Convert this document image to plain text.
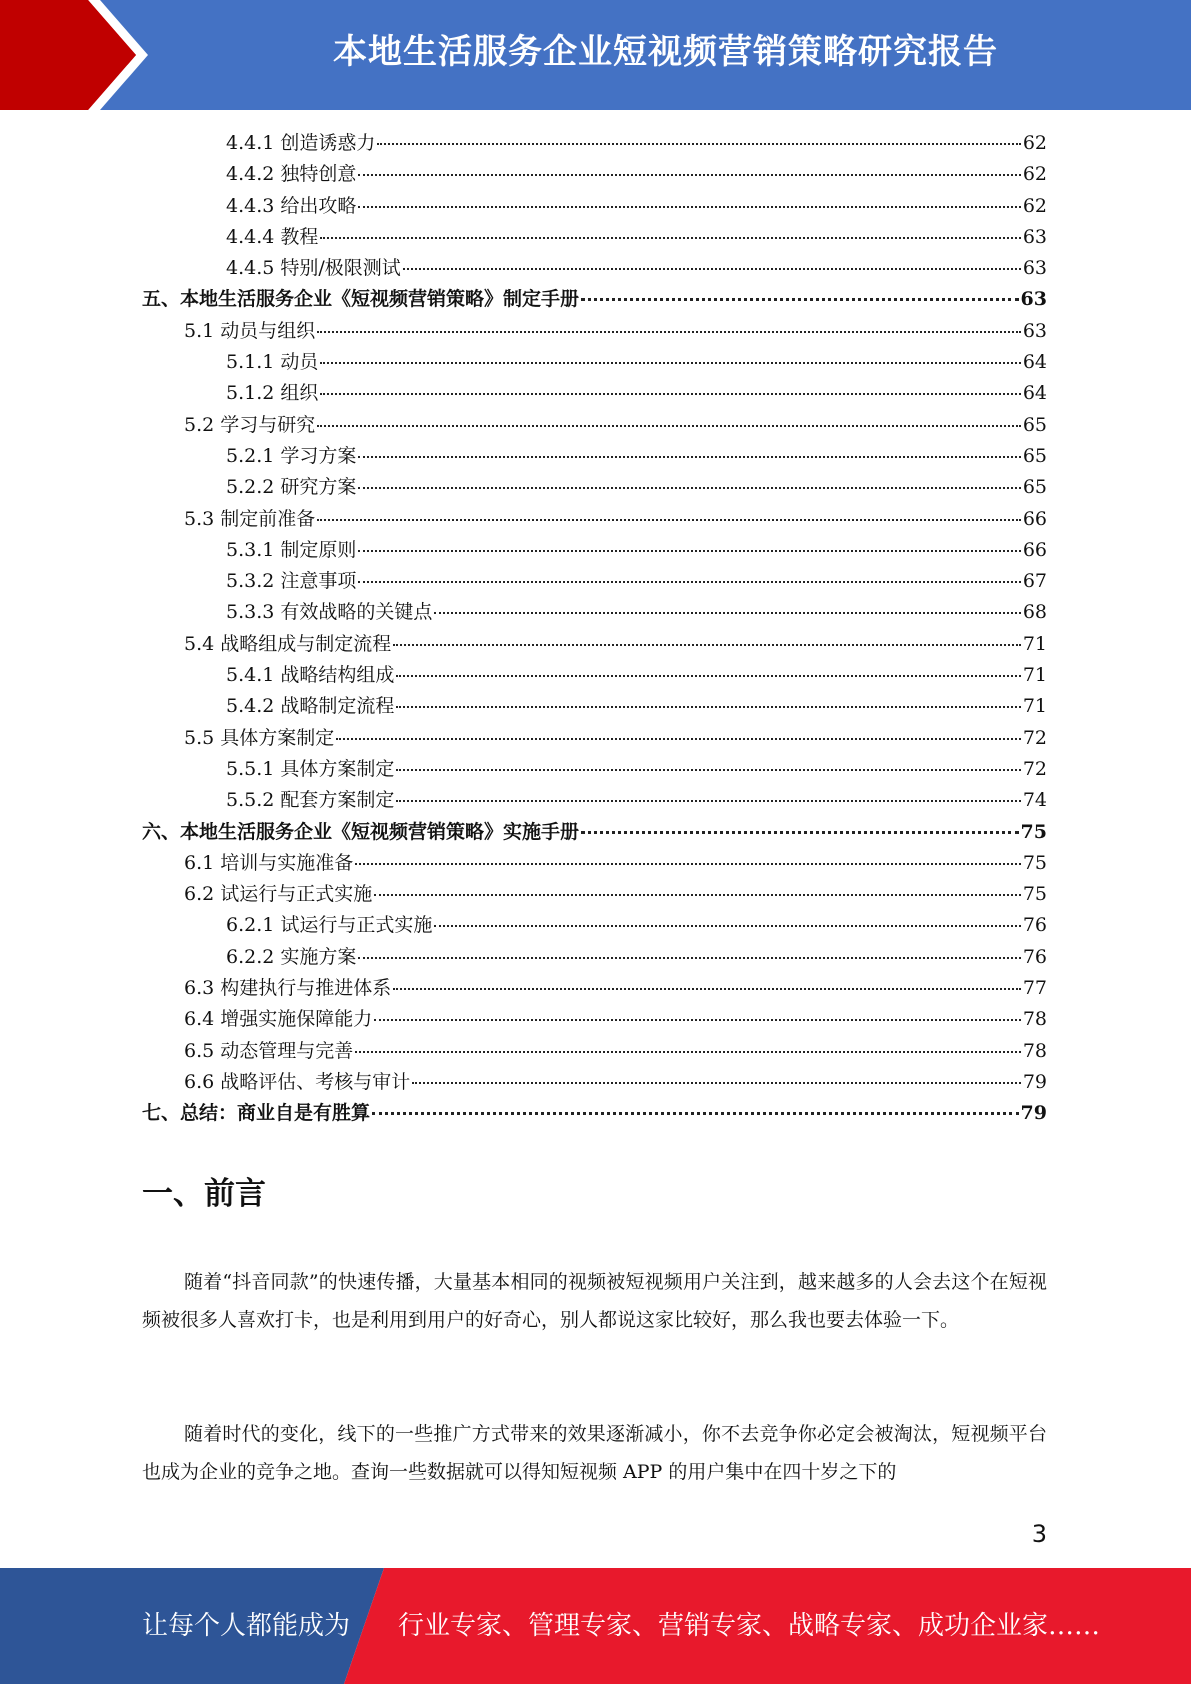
本地生活服务企业短视频营销策略研究报告
4.4.1 创造诱惑力	62
4.4.2 独特创意	62
4.4.3 给出攻略	62
4.4.4 教程	63
4.4.5 特别/极限测试	63
五、本地生活服务企业《短视频营销策略》制定手册	63
5.1 动员与组织	63
5.1.1 动员	64
5.1.2 组织	64
5.2 学习与研究	65
5.2.1 学习方案	65
5.2.2 研究方案	65
5.3 制定前准备	66
5.3.1 制定原则	66
5.3.2 注意事项	67
5.3.3 有效战略的关键点	68
5.4 战略组成与制定流程	71
5.4.1 战略结构组成	71
5.4.2 战略制定流程	71
5.5 具体方案制定	72
5.5.1 具体方案制定	72
5.5.2 配套方案制定	74
六、本地生活服务企业《短视频营销策略》实施手册	75
6.1 培训与实施准备	75
6.2 试运行与正式实施	75
6.2.1 试运行与正式实施	76
6.2.2 实施方案	76
6.3 构建执行与推进体系	77
6.4 增强实施保障能力	78
6.5 动态管理与完善	78
6.6 战略评估、考核与审计	79
七、总结：商业自是有胜算	79
一、前言

随着“抖音同款”的快速传播，大量基本相同的视频被短视频用户关注到，越来越多的人会去这个在短视频被很多人喜欢打卡，也是利用到用户的好奇心，别人都说这家比较好，那么我也要去体验一下。

随着时代的变化，线下的一些推广方式带来的效果逐渐减小，你不去竞争你必定会被淘汰，短视频平台也成为企业的竞争之地。查询一些数据就可以得知短视频 APP 的用户集中在四十岁之下的

3
让每个人都能成为 行业专家、管理专家、营销专家、战略专家、成功企业家……
